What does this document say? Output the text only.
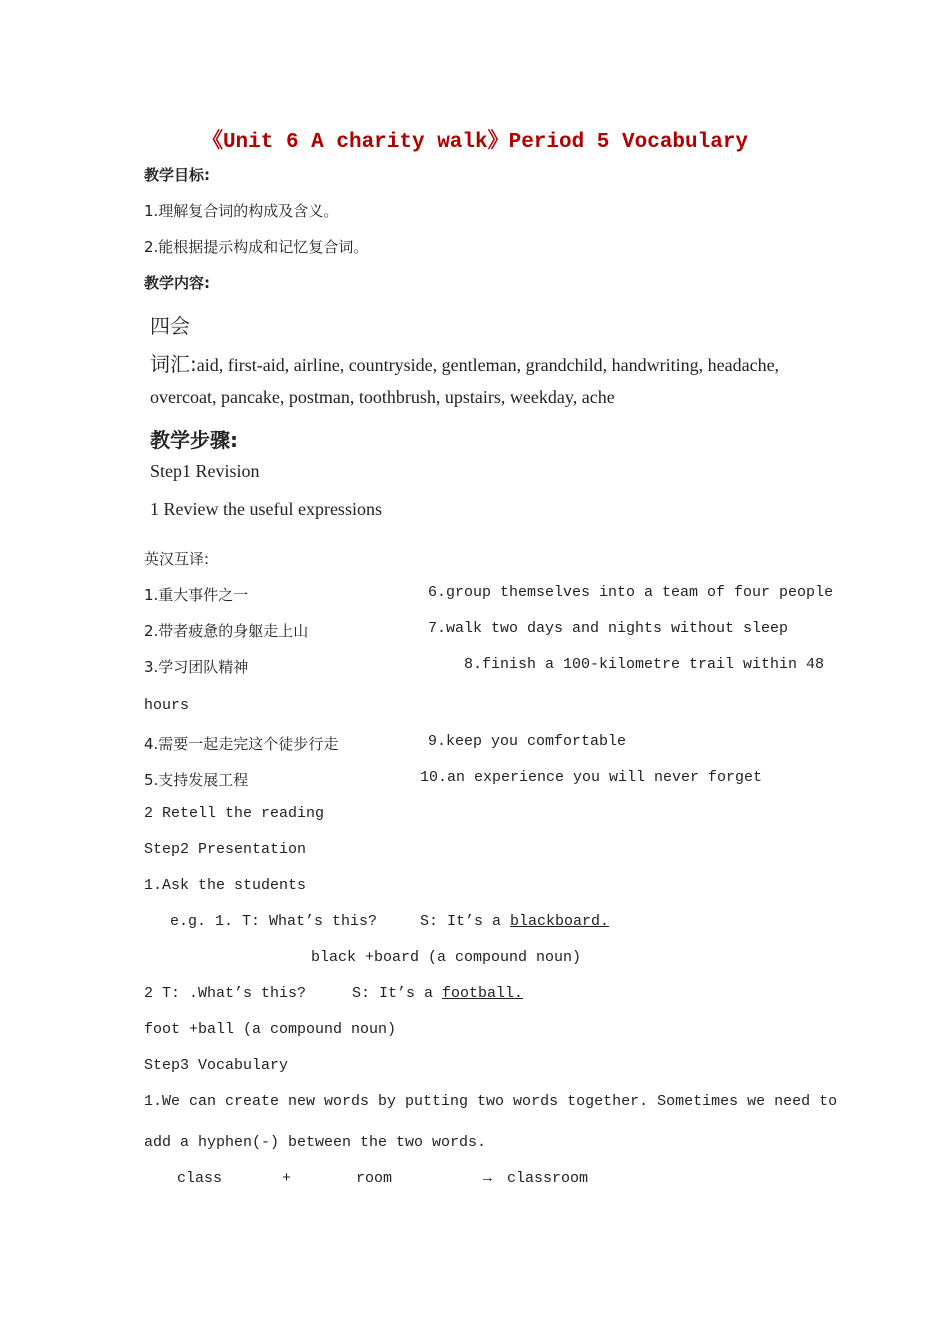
《Unit 6 A charity walk》Period 5 Vocabulary
教学目标:
1.理解复合词的构成及含义。
2.能根据提示构成和记忆复合词。
教学内容:
四会
词汇:aid, first-aid, airline, countryside, gentleman, grandchild, handwriting, headache,
overcoat, pancake, postman, toothbrush, upstairs, weekday, ache
教学步骤:
Step1 Revision
1 Review the useful expressions
英汉互译:
1.重大事件之一
2.带者疲惫的身躯走上山
3.学习团队精神
4.需要一起走完这个徒步行走
5.支持发展工程
6.group themselves into a team of four people
7.walk two days and nights without sleep
8.finish a 100-kilometre trail within 48
hours
9.keep you comfortable
10.an experience you will never forget
2 Retell the reading
Step2 Presentation
1.Ask the students
e.g. 1. T: What’s this?	S: It’s a blackboard.
black +board (a compound noun)
2 T: .What’s this?	S: It’s a football.
foot +ball (a compound noun)
Step3 Vocabulary
1.We can create new words by putting two words together. Sometimes we need to
add a hyphen(-) between the two words.
class	+	room	→ classroom
